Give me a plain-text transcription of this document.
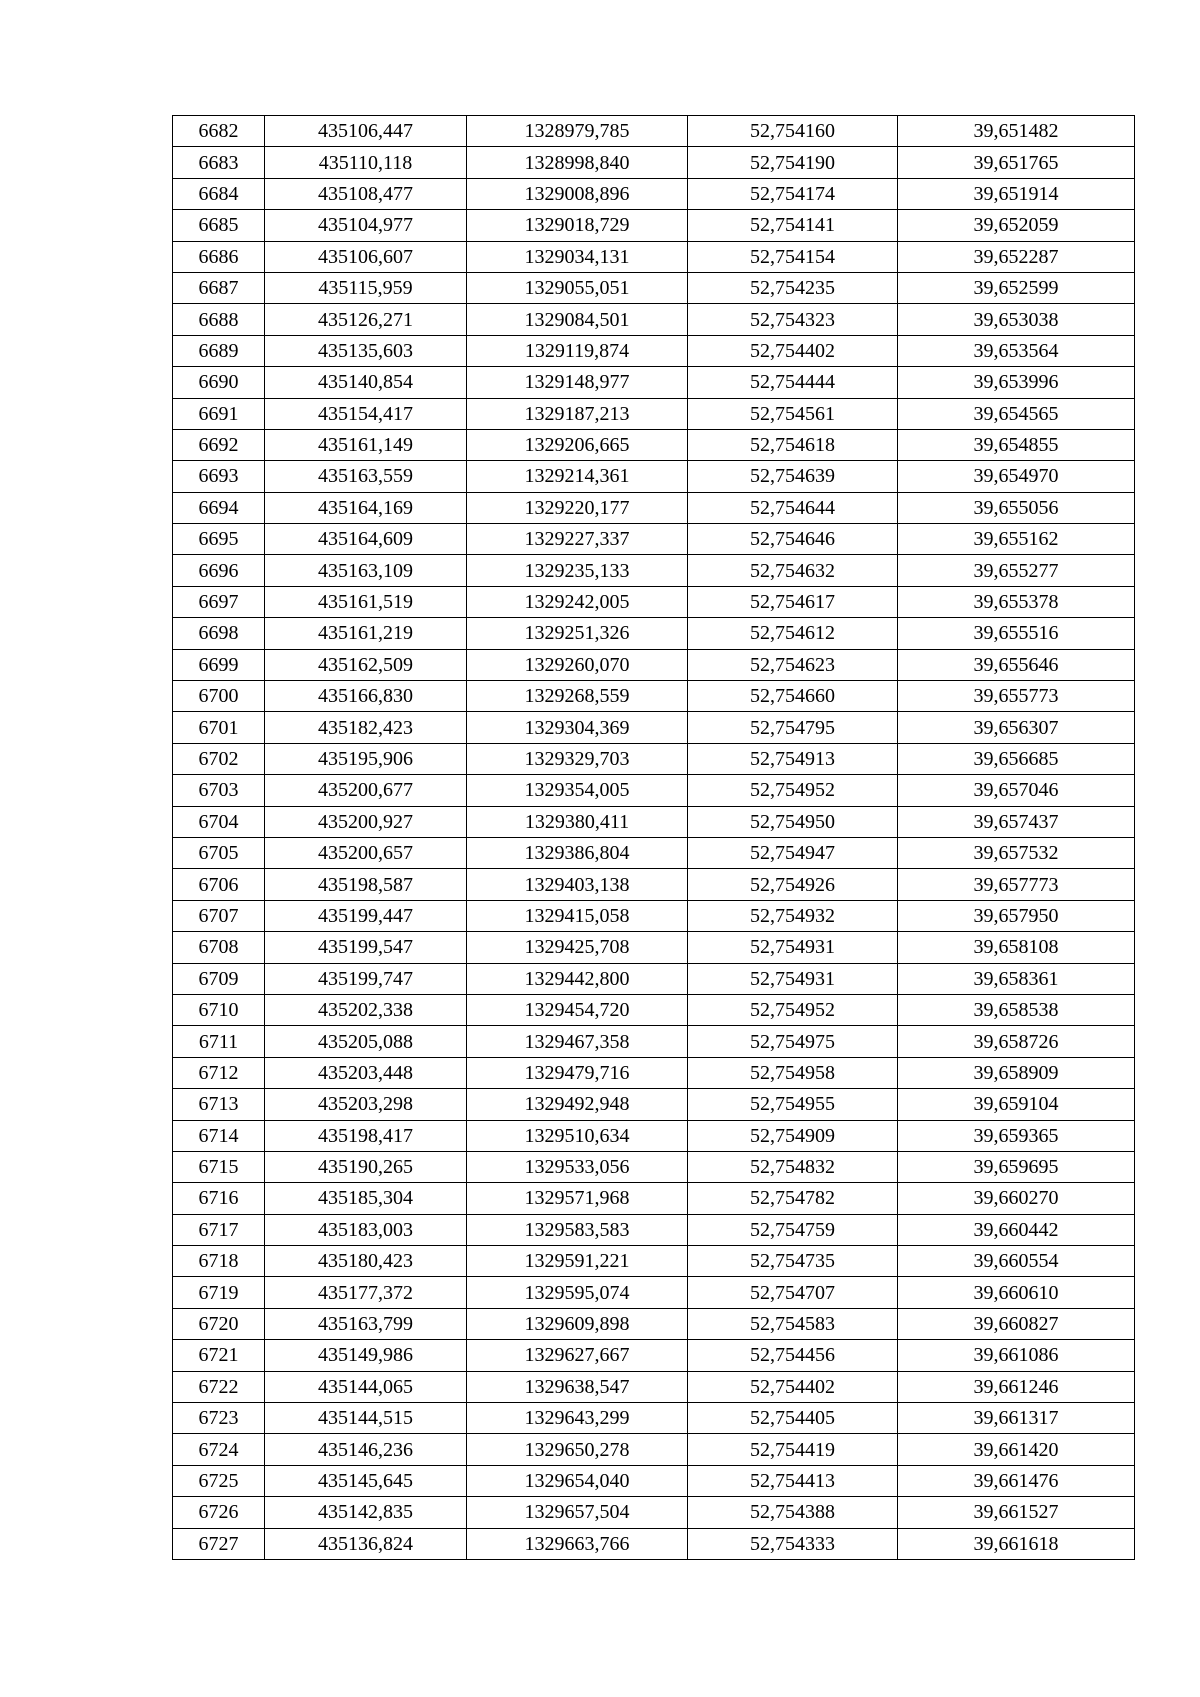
6682	435106,447	1328979,785	52,754160	39,651482
6683	435110,118	1328998,840	52,754190	39,651765
6684	435108,477	1329008,896	52,754174	39,651914
6685	435104,977	1329018,729	52,754141	39,652059
6686	435106,607	1329034,131	52,754154	39,652287
6687	435115,959	1329055,051	52,754235	39,652599
6688	435126,271	1329084,501	52,754323	39,653038
6689	435135,603	1329119,874	52,754402	39,653564
6690	435140,854	1329148,977	52,754444	39,653996
6691	435154,417	1329187,213	52,754561	39,654565
6692	435161,149	1329206,665	52,754618	39,654855
6693	435163,559	1329214,361	52,754639	39,654970
6694	435164,169	1329220,177	52,754644	39,655056
6695	435164,609	1329227,337	52,754646	39,655162
6696	435163,109	1329235,133	52,754632	39,655277
6697	435161,519	1329242,005	52,754617	39,655378
6698	435161,219	1329251,326	52,754612	39,655516
6699	435162,509	1329260,070	52,754623	39,655646
6700	435166,830	1329268,559	52,754660	39,655773
6701	435182,423	1329304,369	52,754795	39,656307
6702	435195,906	1329329,703	52,754913	39,656685
6703	435200,677	1329354,005	52,754952	39,657046
6704	435200,927	1329380,411	52,754950	39,657437
6705	435200,657	1329386,804	52,754947	39,657532
6706	435198,587	1329403,138	52,754926	39,657773
6707	435199,447	1329415,058	52,754932	39,657950
6708	435199,547	1329425,708	52,754931	39,658108
6709	435199,747	1329442,800	52,754931	39,658361
6710	435202,338	1329454,720	52,754952	39,658538
6711	435205,088	1329467,358	52,754975	39,658726
6712	435203,448	1329479,716	52,754958	39,658909
6713	435203,298	1329492,948	52,754955	39,659104
6714	435198,417	1329510,634	52,754909	39,659365
6715	435190,265	1329533,056	52,754832	39,659695
6716	435185,304	1329571,968	52,754782	39,660270
6717	435183,003	1329583,583	52,754759	39,660442
6718	435180,423	1329591,221	52,754735	39,660554
6719	435177,372	1329595,074	52,754707	39,660610
6720	435163,799	1329609,898	52,754583	39,660827
6721	435149,986	1329627,667	52,754456	39,661086
6722	435144,065	1329638,547	52,754402	39,661246
6723	435144,515	1329643,299	52,754405	39,661317
6724	435146,236	1329650,278	52,754419	39,661420
6725	435145,645	1329654,040	52,754413	39,661476
6726	435142,835	1329657,504	52,754388	39,661527
6727	435136,824	1329663,766	52,754333	39,661618
